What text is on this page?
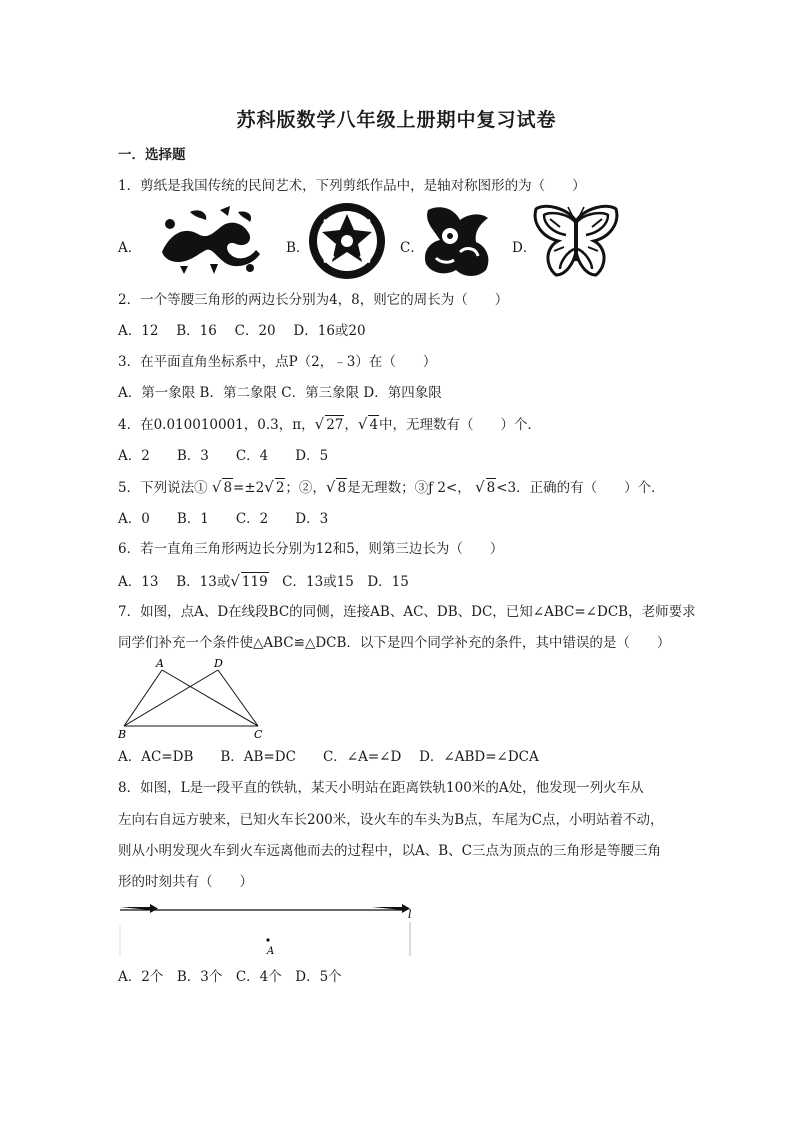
苏科版数学八年级上册期中复习试卷
一．选择题
1．剪纸是我国传统的民间艺术，下列剪纸作品中，是轴对称图形的为（　　）
A．	B．	C．	D．
2．一个等腰三角形的两边长分别为4，8，则它的周长为（　　）
A．12　 B．16　 C．20　 D．16或20
3．在平面直角坐标系中，点P（2，﹣3）在（　　）
A．第一象限 B．第二象限 C．第三象限 D．第四象限
4．在0.010010001，0.3，π，√ 27，√ 4中，无理数有（　　）个．
A．2　　B．3　　C．4　　D．5
5．下列说法① √ 8=±2√ 2；②，√ 8是无理数；③ƒ 2<， √ 8<3．正确的有（　　）个．
A．0　　B．1　　C．2　　D．3
6．若一直角三角形两边长分别为12和5，则第三边长为（　　）
A．13　 B．13或√ 119　C．13或15　D．15
7．如图，点A、D在线段BC的同侧，连接AB、AC、DB、DC，已知∠ABC=∠DCB，老师要求
同学们补充一个条件使△ABC≌△DCB．以下是四个同学补充的条件，其中错误的是（　　）
A	D
B	C
A．AC=DB　　B．AB=DC　　C．∠A=∠D　 D．∠ABD=∠DCA
8．如图，L是一段平直的铁轨，某天小明站在距离铁轨100米的A处，他发现一列火车从
左向右自远方驶来，已知火车长200米，设火车的车头为B点，车尾为C点，小明站着不动，
则从小明发现火车到火车远离他而去的过程中，以A、B、C三点为顶点的三角形是等腰三角
形的时刻共有（　　）
l
A
A．2个　B．3个　C．4个　D．5个
